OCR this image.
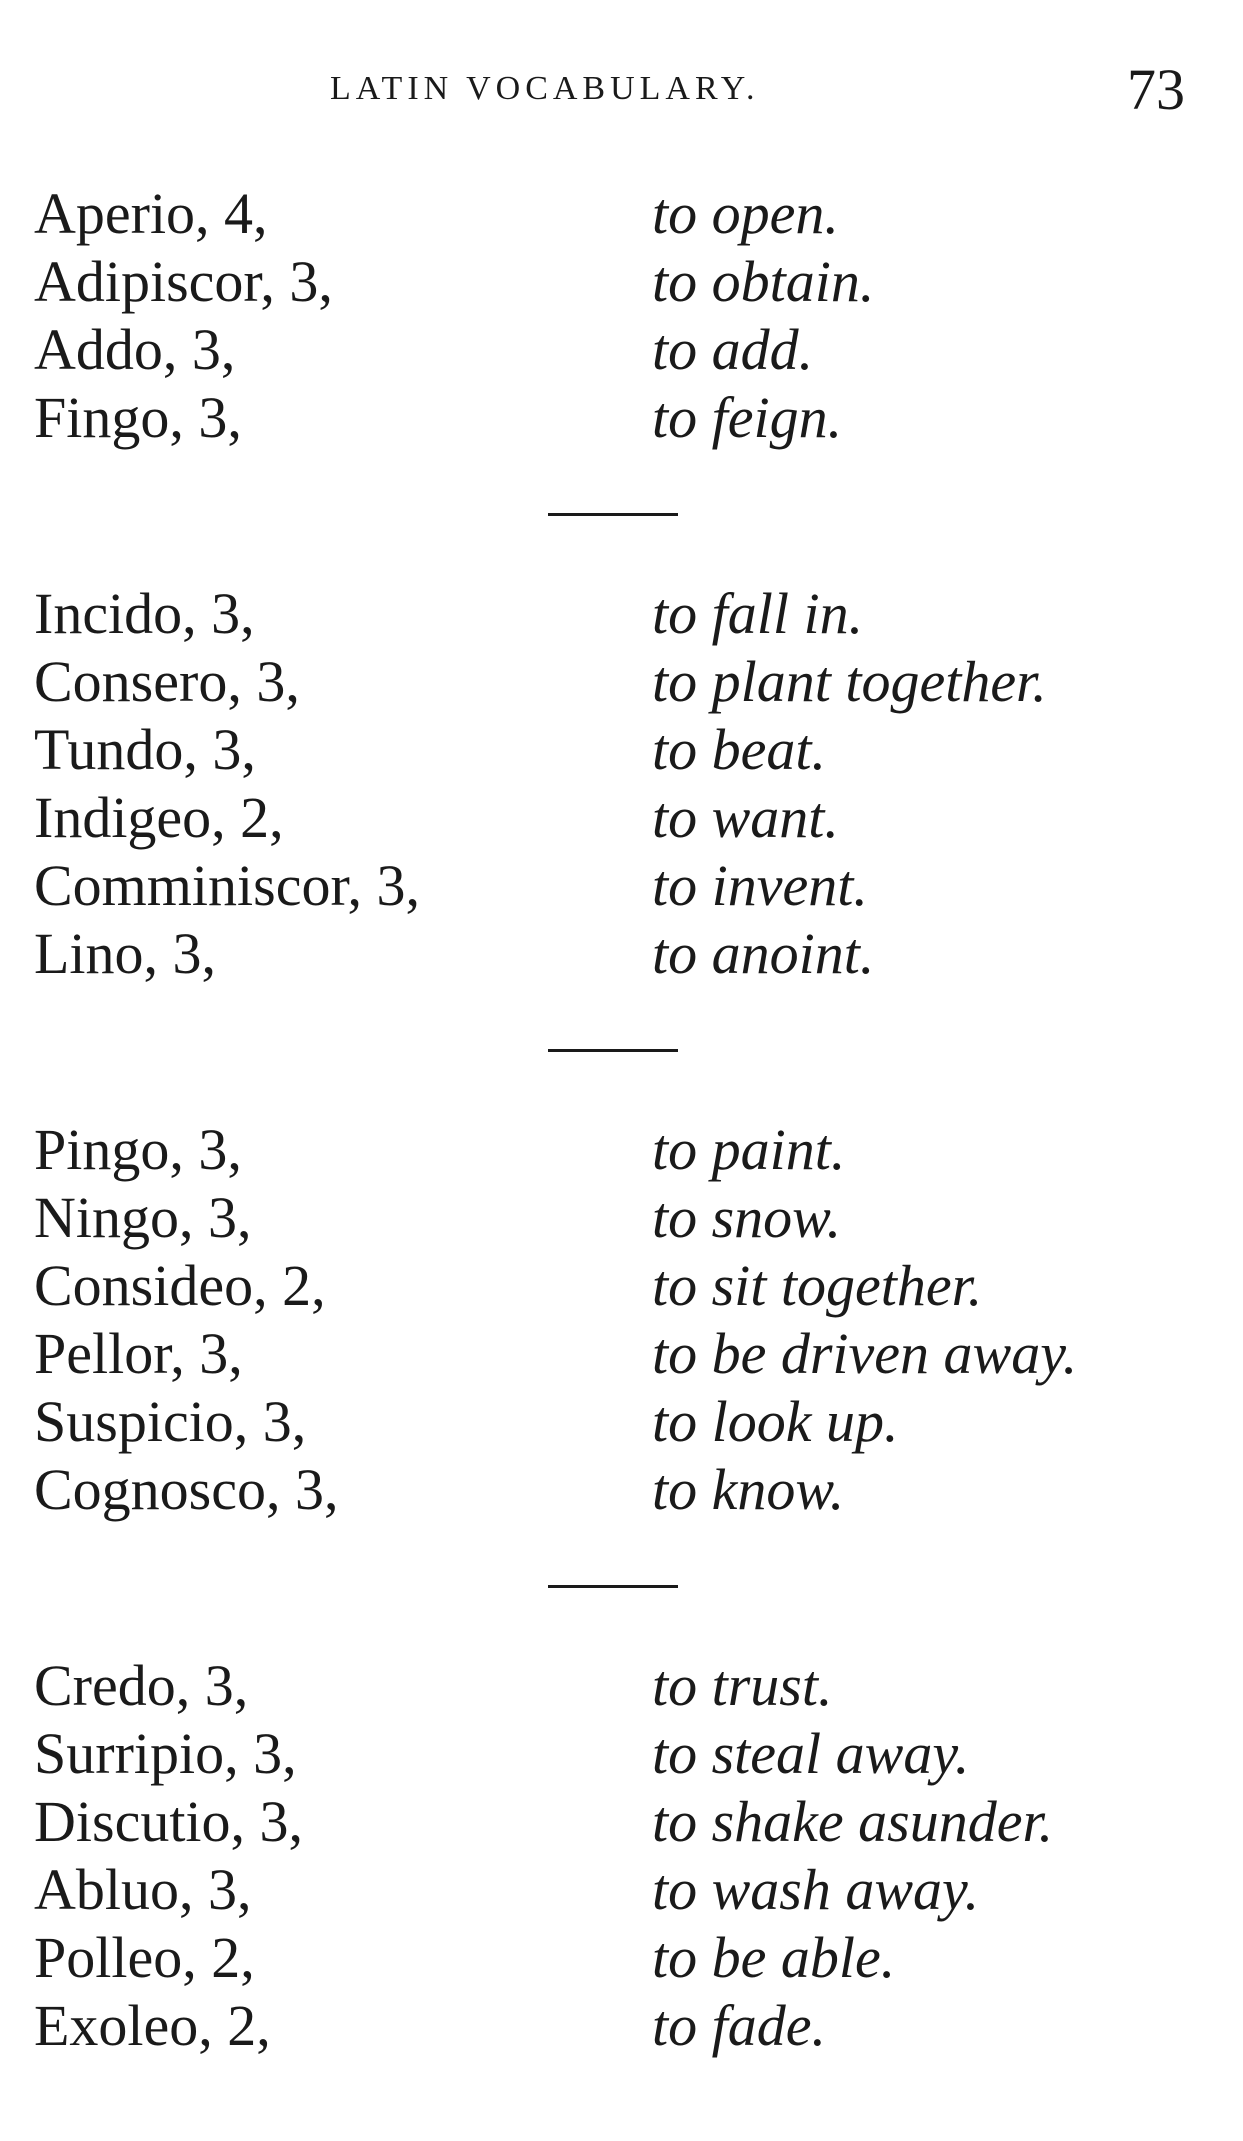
LATIN VOCABULARY.	73
Aperio, 4,	to open.
Adipiscor, 3,	to obtain.
Addo, 3,	to add.
Fingo, 3,	to feign.
Incido, 3,	to fall in.
Consero, 3,	to plant together.
Tundo, 3,	to beat.
Indigeo, 2,	to want.
Comminiscor, 3,	to invent.
Lino, 3,	to anoint.
Pingo, 3,	to paint.
Ningo, 3,	to snow.
Consideo, 2,	to sit together.
Pellor, 3,	to be driven away.
Suspicio, 3,	to look up.
Cognosco, 3,	to know.
Credo, 3,	to trust.
Surripio, 3,	to steal away.
Discutio, 3,	to shake asunder.
Abluo, 3,	to wash away.
Polleo, 2,	to be able.
Exoleo, 2,	to fade.
